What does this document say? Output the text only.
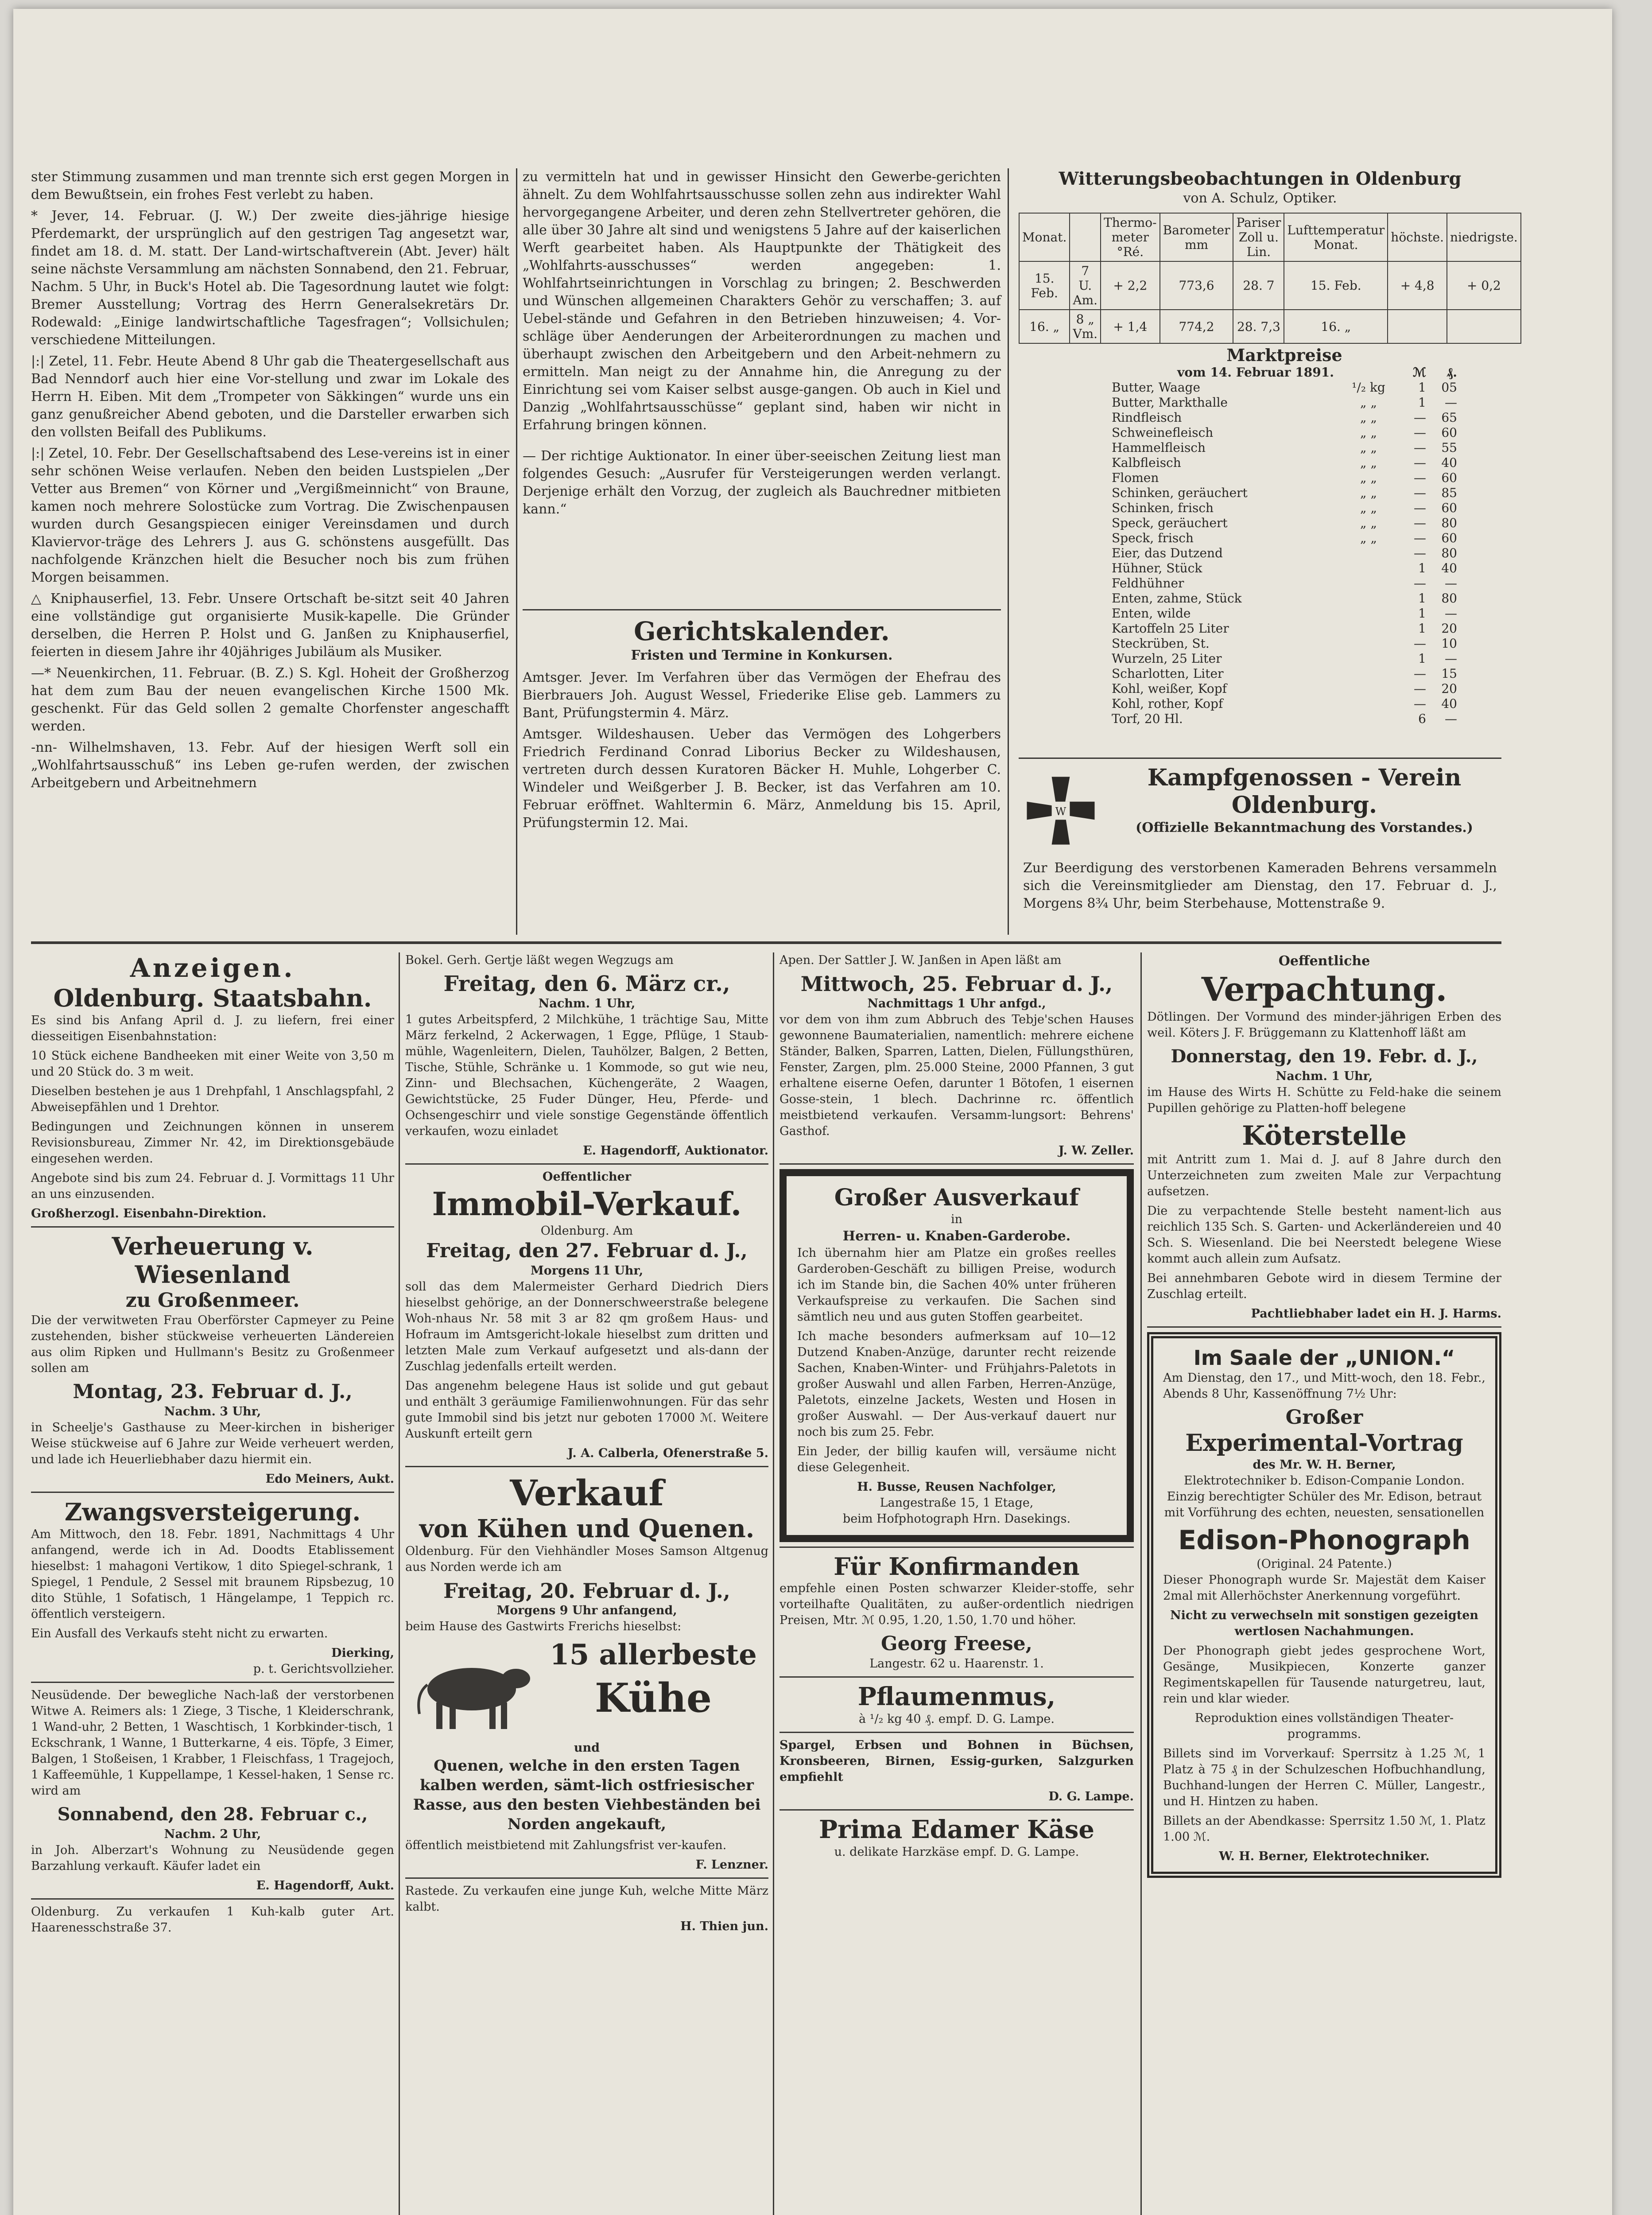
ster Stimmung zusammen und man trennte sich erst gegen Morgen in dem Bewußtsein, ein frohes Fest verlebt zu haben.

* Jever, 14. Februar. (J. W.) Der zweite dies-jährige hiesige Pferdemarkt, der ursprünglich auf den gestrigen Tag angesetzt war, findet am 18. d. M. statt. Der Land-wirtschaftverein (Abt. Jever) hält seine nächste Versammlung am nächsten Sonnabend, den 21. Februar, Nachm. 5 Uhr, in Buck's Hotel ab. Die Tagesordnung lautet wie folgt: Bremer Ausstellung; Vortrag des Herrn Generalsekretärs Dr. Rodewald: „Einige landwirtschaftliche Tagesfragen“; Vollsichulen; verschiedene Mitteilungen.

|:| Zetel, 11. Febr. Heute Abend 8 Uhr gab die Theatergesellschaft aus Bad Nenndorf auch hier eine Vor-stellung und zwar im Lokale des Herrn H. Eiben. Mit dem „Trompeter von Säkkingen“ wurde uns ein ganz genußreicher Abend geboten, und die Darsteller erwarben sich den vollsten Beifall des Publikums.

|:| Zetel, 10. Febr. Der Gesellschaftsabend des Lese-vereins ist in einer sehr schönen Weise verlaufen. Neben den beiden Lustspielen „Der Vetter aus Bremen“ von Körner und „Vergißmeinnicht“ von Braune, kamen noch mehrere Solostücke zum Vortrag. Die Zwischenpausen wurden durch Gesangspiecen einiger Vereinsdamen und durch Klaviervor-träge des Lehrers J. aus G. schönstens ausgefüllt. Das nachfolgende Kränzchen hielt die Besucher noch bis zum frühen Morgen beisammen.

△ Kniphauserfiel, 13. Febr. Unsere Ortschaft be-sitzt seit 40 Jahren eine vollständige gut organisierte Musik-kapelle. Die Gründer derselben, die Herren P. Holst und G. Janßen zu Kniphauserfiel, feierten in diesem Jahre ihr 40jähriges Jubiläum als Musiker.

—* Neuenkirchen, 11. Februar. (B. Z.) S. Kgl. Hoheit der Großherzog hat dem zum Bau der neuen evangelischen Kirche 1500 Mk. geschenkt. Für das Geld sollen 2 gemalte Chorfenster angeschafft werden.

-nn- Wilhelmshaven, 13. Febr. Auf der hiesigen Werft soll ein „Wohlfahrtsausschuß“ ins Leben ge-rufen werden, der zwischen Arbeitgebern und Arbeitnehmern

zu vermitteln hat und in gewisser Hinsicht den Gewerbe-gerichten ähnelt. Zu dem Wohlfahrtsausschusse sollen zehn aus indirekter Wahl hervorgegangene Arbeiter, und deren zehn Stellvertreter gehören, die alle über 30 Jahre alt sind und wenigstens 5 Jahre auf der kaiserlichen Werft gearbeitet haben. Als Hauptpunkte der Thätigkeit des „Wohlfahrts-ausschusses“ werden angegeben: 1. Wohlfahrtseinrichtungen in Vorschlag zu bringen; 2. Beschwerden und Wünschen allgemeinen Charakters Gehör zu verschaffen; 3. auf Uebel-stände und Gefahren in den Betrieben hinzuweisen; 4. Vor-schläge über Aenderungen der Arbeiterordnungen zu machen und überhaupt zwischen den Arbeitgebern und den Arbeit-nehmern zu ermitteln. Man neigt zu der Annahme hin, die Anregung zu der Einrichtung sei vom Kaiser selbst ausge-gangen. Ob auch in Kiel und Danzig „Wohlfahrtsausschüsse“ geplant sind, haben wir nicht in Erfahrung bringen können.

— Der richtige Auktionator. In einer über-seeischen Zeitung liest man folgendes Gesuch: „Ausrufer für Versteigerungen werden verlangt. Derjenige erhält den Vorzug, der zugleich als Bauchredner mitbieten kann.“

Gerichtskalender.
Fristen und Termine in Konkursen.

Amtsger. Jever. Im Verfahren über das Vermögen der Ehefrau des Bierbrauers Joh. August Wessel, Friederike Elise geb. Lammers zu Bant, Prüfungstermin 4. März.

Amtsger. Wildeshausen. Ueber das Vermögen des Lohgerbers Friedrich Ferdinand Conrad Liborius Becker zu Wildeshausen, vertreten durch dessen Kuratoren Bäcker H. Muhle, Lohgerber C. Windeler und Weißgerber J. B. Becker, ist das Verfahren am 10. Februar eröffnet. Wahltermin 6. März, Anmeldung bis 15. April, Prüfungstermin 12. Mai.

Witterungsbeobachtungen in Oldenburg
von A. Schulz, Optiker.
Monat.		Thermo-meter °Ré.	Barometer mm	Pariser Zoll u. Lin.	Lufttemperatur Monat.	höchste.	niedrigste.
15. Feb.	7 U. Am.	+ 2,2	773,6	28. 7	15. Feb.	+ 4,8	+ 0,2
16. „	8 „ Vm.	+ 1,4	774,2	28. 7,3	16. „		
Marktpreise
vom 14. Februar 1891.	ℳ	₰.
Butter, Waage	¹/₂ kg	1	05
Butter, Markthalle	„ „	1	—
Rindfleisch	„ „	—	65
Schweinefleisch	„ „	—	60
Hammelfleisch	„ „	—	55
Kalbfleisch	„ „	—	40
Flomen	„ „	—	60
Schinken, geräuchert	„ „	—	85
Schinken, frisch	„ „	—	60
Speck, geräuchert	„ „	—	80
Speck, frisch	„ „	—	60
Eier, das Dutzend	—	80
Hühner, Stück	1	40
Feldhühner	—	—
Enten, zahme, Stück	1	80
Enten, wilde	1	—
Kartoffeln 25 Liter	1	20
Steckrüben, St.	—	10
Wurzeln, 25 Liter	1	—
Scharlotten, Liter	—	15
Kohl, weißer, Kopf	—	20
Kohl, rother, Kopf	—	40
Torf, 20 Hl.	6	—
W
Kampfgenossen - Verein
Oldenburg.
(Offizielle Bekanntmachung des Vorstandes.)

Zur Beerdigung des verstorbenen Kameraden Behrens versammeln sich die Vereinsmitglieder am Dienstag, den 17. Februar d. J., Morgens 8¾ Uhr, beim Sterbehause, Mottenstraße 9.

Anzeigen.
Oldenburg. Staatsbahn.

Es sind bis Anfang April d. J. zu liefern, frei einer diesseitigen Eisenbahnstation:

10 Stück eichene Bandheeken mit einer Weite von 3,50 m und 20 Stück do. 3 m weit.

Dieselben bestehen je aus 1 Drehpfahl, 1 Anschlagspfahl, 2 Abweisepfählen und 1 Drehtor.

Bedingungen und Zeichnungen können in unserem Revisionsbureau, Zimmer Nr. 42, im Direktionsgebäude eingesehen werden.

Angebote sind bis zum 24. Februar d. J. Vormittags 11 Uhr an uns einzusenden.

Großherzogl. Eisenbahn-Direktion.
Verheuerung v. Wiesenland
zu Großenmeer.

Die der verwitweten Frau Oberförster Capmeyer zu Peine zustehenden, bisher stückweise verheuerten Ländereien aus olim Ripken und Hullmann's Besitz zu Großenmeer sollen am

Montag, 23. Februar d. J.,
Nachm. 3 Uhr,

in Scheelje's Gasthause zu Meer-kirchen in bisheriger Weise stückweise auf 6 Jahre zur Weide verheuert werden, und lade ich Heuerliebhaber dazu hiermit ein.

Edo Meiners, Aukt.
Zwangsversteigerung.

Am Mittwoch, den 18. Febr. 1891, Nachmittags 4 Uhr anfangend, werde ich in Ad. Doodts Etablissement hieselbst: 1 mahagoni Vertikow, 1 dito Spiegel-schrank, 1 Spiegel, 1 Pendule, 2 Sessel mit braunem Ripsbezug, 10 dito Stühle, 1 Sofatisch, 1 Hängelampe, 1 Teppich rc. öffentlich versteigern.

Ein Ausfall des Verkaufs steht nicht zu erwarten.

Dierking,
p. t. Gerichtsvollzieher.

Neusüdende. Der bewegliche Nach-laß der verstorbenen Witwe A. Reimers als: 1 Ziege, 3 Tische, 1 Kleiderschrank, 1 Wand-uhr, 2 Betten, 1 Waschtisch, 1 Korbkinder-tisch, 1 Eckschrank, 1 Wanne, 1 Butterkarne, 4 eis. Töpfe, 3 Eimer, Balgen, 1 Stoßeisen, 1 Krabber, 1 Fleischfass, 1 Tragejoch, 1 Kaffeemühle, 1 Kuppellampe, 1 Kessel-haken, 1 Sense rc. wird am

Sonnabend, den 28. Februar c.,
Nachm. 2 Uhr,

in Joh. Alberzart's Wohnung zu Neusüdende gegen Barzahlung verkauft. Käufer ladet ein

E. Hagendorff, Aukt.

Oldenburg. Zu verkaufen 1 Kuh-kalb guter Art. Haarenesschstraße 37.

Bokel. Gerh. Gertje läßt wegen Wegzugs am

Freitag, den 6. März cr.,
Nachm. 1 Uhr,

1 gutes Arbeitspferd, 2 Milchkühe, 1 trächtige Sau, Mitte März ferkelnd, 2 Ackerwagen, 1 Egge, Pflüge, 1 Staub-mühle, Wagenleitern, Dielen, Tauhölzer, Balgen, 2 Betten, Tische, Stühle, Schränke u. 1 Kommode, so gut wie neu, Zinn- und Blechsachen, Küchengeräte, 2 Waagen, Gewichtstücke, 25 Fuder Dünger, Heu, Pferde- und Ochsengeschirr und viele sonstige Gegenstände öffentlich verkaufen, wozu einladet

E. Hagendorff, Auktionator.
Oeffentlicher
Immobil-Verkauf.
Oldenburg. Am
Freitag, den 27. Februar d. J.,
Morgens 11 Uhr,

soll das dem Malermeister Gerhard Diedrich Diers hieselbst gehörige, an der Donnerschweerstraße belegene Woh-nhaus Nr. 58 mit 3 ar 82 qm großem Haus- und Hofraum im Amtsgericht-lokale hieselbst zum dritten und letzten Male zum Verkauf aufgesetzt und als-dann der Zuschlag jedenfalls erteilt werden.

Das angenehm belegene Haus ist solide und gut gebaut und enthält 3 geräumige Familienwohnungen. Für das sehr gute Immobil sind bis jetzt nur geboten 17000 ℳ. Weitere Auskunft erteilt gern

J. A. Calberla, Ofenerstraße 5.
Verkauf
von Kühen und Quenen.

Oldenburg. Für den Viehhändler Moses Samson Altgenug aus Norden werde ich am

Freitag, 20. Februar d. J.,
Morgens 9 Uhr anfangend,

beim Hause des Gastwirts Frerichs hieselbst:

15 allerbeste
Kühe
und

Quenen, welche in den ersten Tagen kalben werden, sämt-lich ostfriesischer Rasse, aus den besten Viehbeständen bei Norden angekauft,

öffentlich meistbietend mit Zahlungsfrist ver-kaufen.

F. Lenzner.

Rastede. Zu verkaufen eine junge Kuh, welche Mitte März kalbt.

H. Thien jun.

Apen. Der Sattler J. W. Janßen in Apen läßt am

Mittwoch, 25. Februar d. J.,
Nachmittags 1 Uhr anfgd.,

vor dem von ihm zum Abbruch des Tebje'schen Hauses gewonnene Baumaterialien, namentlich: mehrere eichene Ständer, Balken, Sparren, Latten, Dielen, Füllungsthüren, Fenster, Zargen, plm. 25.000 Steine, 2000 Pfannen, 3 gut erhaltene eiserne Oefen, darunter 1 Bötofen, 1 eisernen Gosse-stein, 1 blech. Dachrinne rc. öffentlich meistbietend verkaufen. Versamm-lungsort: Behrens' Gasthof.

J. W. Zeller.
Großer Ausverkauf
in
Herren- u. Knaben-Garderobe.

Ich übernahm hier am Platze ein großes reelles Garderoben-Geschäft zu billigen Preise, wodurch ich im Stande bin, die Sachen 40% unter früheren Verkaufspreise zu verkaufen. Die Sachen sind sämtlich neu und aus guten Stoffen gearbeitet.

Ich mache besonders aufmerksam auf 10—12 Dutzend Knaben-Anzüge, darunter recht reizende Sachen, Knaben-Winter- und Frühjahrs-Paletots in großer Auswahl und allen Farben, Herren-Anzüge, Paletots, einzelne Jackets, Westen und Hosen in großer Auswahl. — Der Aus-verkauf dauert nur noch bis zum 25. Febr.

Ein Jeder, der billig kaufen will, versäume nicht diese Gelegenheit.

H. Busse, Reusen Nachfolger,
Langestraße 15, 1 Etage,
beim Hofphotograph Hrn. Dasekings.
Für Konfirmanden

empfehle einen Posten schwarzer Kleider-stoffe, sehr vorteilhafte Qualitäten, zu außer-ordentlich niedrigen Preisen, Mtr. ℳ 0.95, 1.20, 1.50, 1.70 und höher.

Georg Freese,
Langestr. 62 u. Haarenstr. 1.
Pflaumenmus,
à ¹/₂ kg 40 ₰. empf. D. G. Lampe.

Spargel, Erbsen und Bohnen in Büchsen, Kronsbeeren, Birnen, Essig-gurken, Salzgurken empfiehlt

D. G. Lampe.
Prima Edamer Käse
u. delikate Harzkäse empf. D. G. Lampe.
Oeffentliche
Verpachtung.

Dötlingen. Der Vormund des minder-jährigen Erben des weil. Köters J. F. Brüggemann zu Klattenhoff läßt am

Donnerstag, den 19. Febr. d. J.,
Nachm. 1 Uhr,

im Hause des Wirts H. Schütte zu Feld-hake die seinem Pupillen gehörige zu Platten-hoff belegene

Köterstelle

mit Antritt zum 1. Mai d. J. auf 8 Jahre durch den Unterzeichneten zum zweiten Male zur Verpachtung aufsetzen.

Die zu verpachtende Stelle besteht nament-lich aus reichlich 135 Sch. S. Garten- und Ackerländereien und 40 Sch. S. Wiesenland. Die bei Neerstedt belegene Wiese kommt auch allein zum Aufsatz.

Bei annehmbaren Gebote wird in diesem Termine der Zuschlag erteilt.

Pachtliebhaber ladet ein H. J. Harms.
Im Saale der „UNION.“

Am Dienstag, den 17., und Mitt-woch, den 18. Febr., Abends 8 Uhr, Kassenöffnung 7½ Uhr:

Großer
Experimental-Vortrag
des Mr. W. H. Berner,

Elektrotechniker b. Edison-Companie London. Einzig berechtigter Schüler des Mr. Edison, betraut mit Vorführung des echten, neuesten, sensationellen

Edison-Phonograph
(Original. 24 Patente.)

Dieser Phonograph wurde Sr. Majestät dem Kaiser 2mal mit Allerhöchster Anerkennung vorgeführt.

Nicht zu verwechseln mit sonstigen gezeigten wertlosen Nachahmungen.

Der Phonograph giebt jedes gesprochene Wort, Gesänge, Musikpiecen, Konzerte ganzer Regimentskapellen für Tausende naturgetreu, laut, rein und klar wieder.

Reproduktion eines vollständigen Theater-programms.

Billets sind im Vorverkauf: Sperrsitz à 1.25 ℳ, 1 Platz à 75 ₰ in der Schulzeschen Hofbuchhandlung, Buchhand-lungen der Herren C. Müller, Langestr., und H. Hintzen zu haben.

Billets an der Abendkasse: Sperrsitz 1.50 ℳ, 1. Platz 1.00 ℳ.

W. H. Berner, Elektrotechniker.
